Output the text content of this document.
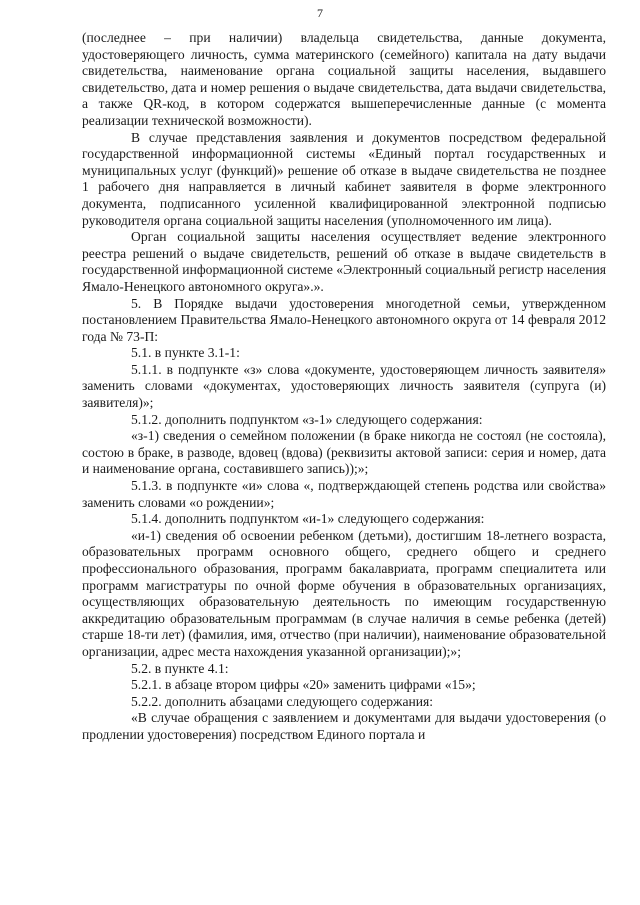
7

(последнее – при наличии) владельца свидетельства, данные документа, удостоверяющего личность, сумма материнского (семейного) капитала на дату выдачи свидетельства, наименование органа социальной защиты населения, выдавшего свидетельство, дата и номер решения о выдаче свидетельства, дата выдачи свидетельства, а также QR-код, в котором содержатся вышеперечисленные данные (с момента реализации технической возможности).

В случае представления заявления и документов посредством федеральной государственной информационной системы «Единый портал государственных и муниципальных услуг (функций)» решение об отказе в выдаче свидетельства не позднее 1 рабочего дня направляется в личный кабинет заявителя в форме электронного документа, подписанного усиленной квалифицированной электронной подписью руководителя органа социальной защиты населения (уполномоченного им лица).

Орган социальной защиты населения осуществляет ведение электронного реестра решений о выдаче свидетельств, решений об отказе в выдаче свидетельств в государственной информационной системе «Электронный социальный регистр населения Ямало-Ненецкого автономного округа».».

5. В Порядке выдачи удостоверения многодетной семьи, утвержденном постановлением Правительства Ямало-Ненецкого автономного округа от 14 февраля 2012 года № 73-П:

5.1. в пункте 3.1-1:

5.1.1. в подпункте «з» слова «документе, удостоверяющем личность заявителя» заменить словами «документах, удостоверяющих личность заявителя (супруга (и) заявителя)»;

5.1.2. дополнить подпунктом «з-1» следующего содержания:

«з-1) сведения о семейном положении (в браке никогда не состоял (не состояла), состою в браке, в разводе, вдовец (вдова) (реквизиты актовой записи: серия и номер, дата и наименование органа, составившего запись));»;

5.1.3. в подпункте «и» слова «, подтверждающей степень родства или свойства» заменить словами «о рождении»;

5.1.4. дополнить подпунктом «и-1» следующего содержания:

«и-1) сведения об освоении ребенком (детьми), достигшим 18-летнего возраста, образовательных программ основного общего, среднего общего и среднего профессионального образования, программ бакалавриата, программ специалитета или программ магистратуры по очной форме обучения в образовательных организациях, осуществляющих образовательную деятельность по имеющим государственную аккредитацию образовательным программам (в случае наличия в семье ребенка (детей) старше 18-ти лет) (фамилия, имя, отчество (при наличии), наименование образовательной организации, адрес места нахождения указанной организации);»;

5.2. в пункте 4.1:

5.2.1. в абзаце втором цифры «20» заменить цифрами «15»;

5.2.2. дополнить абзацами следующего содержания:

«В случае обращения с заявлением и документами для выдачи удостоверения (о продлении удостоверения) посредством Единого портала и
